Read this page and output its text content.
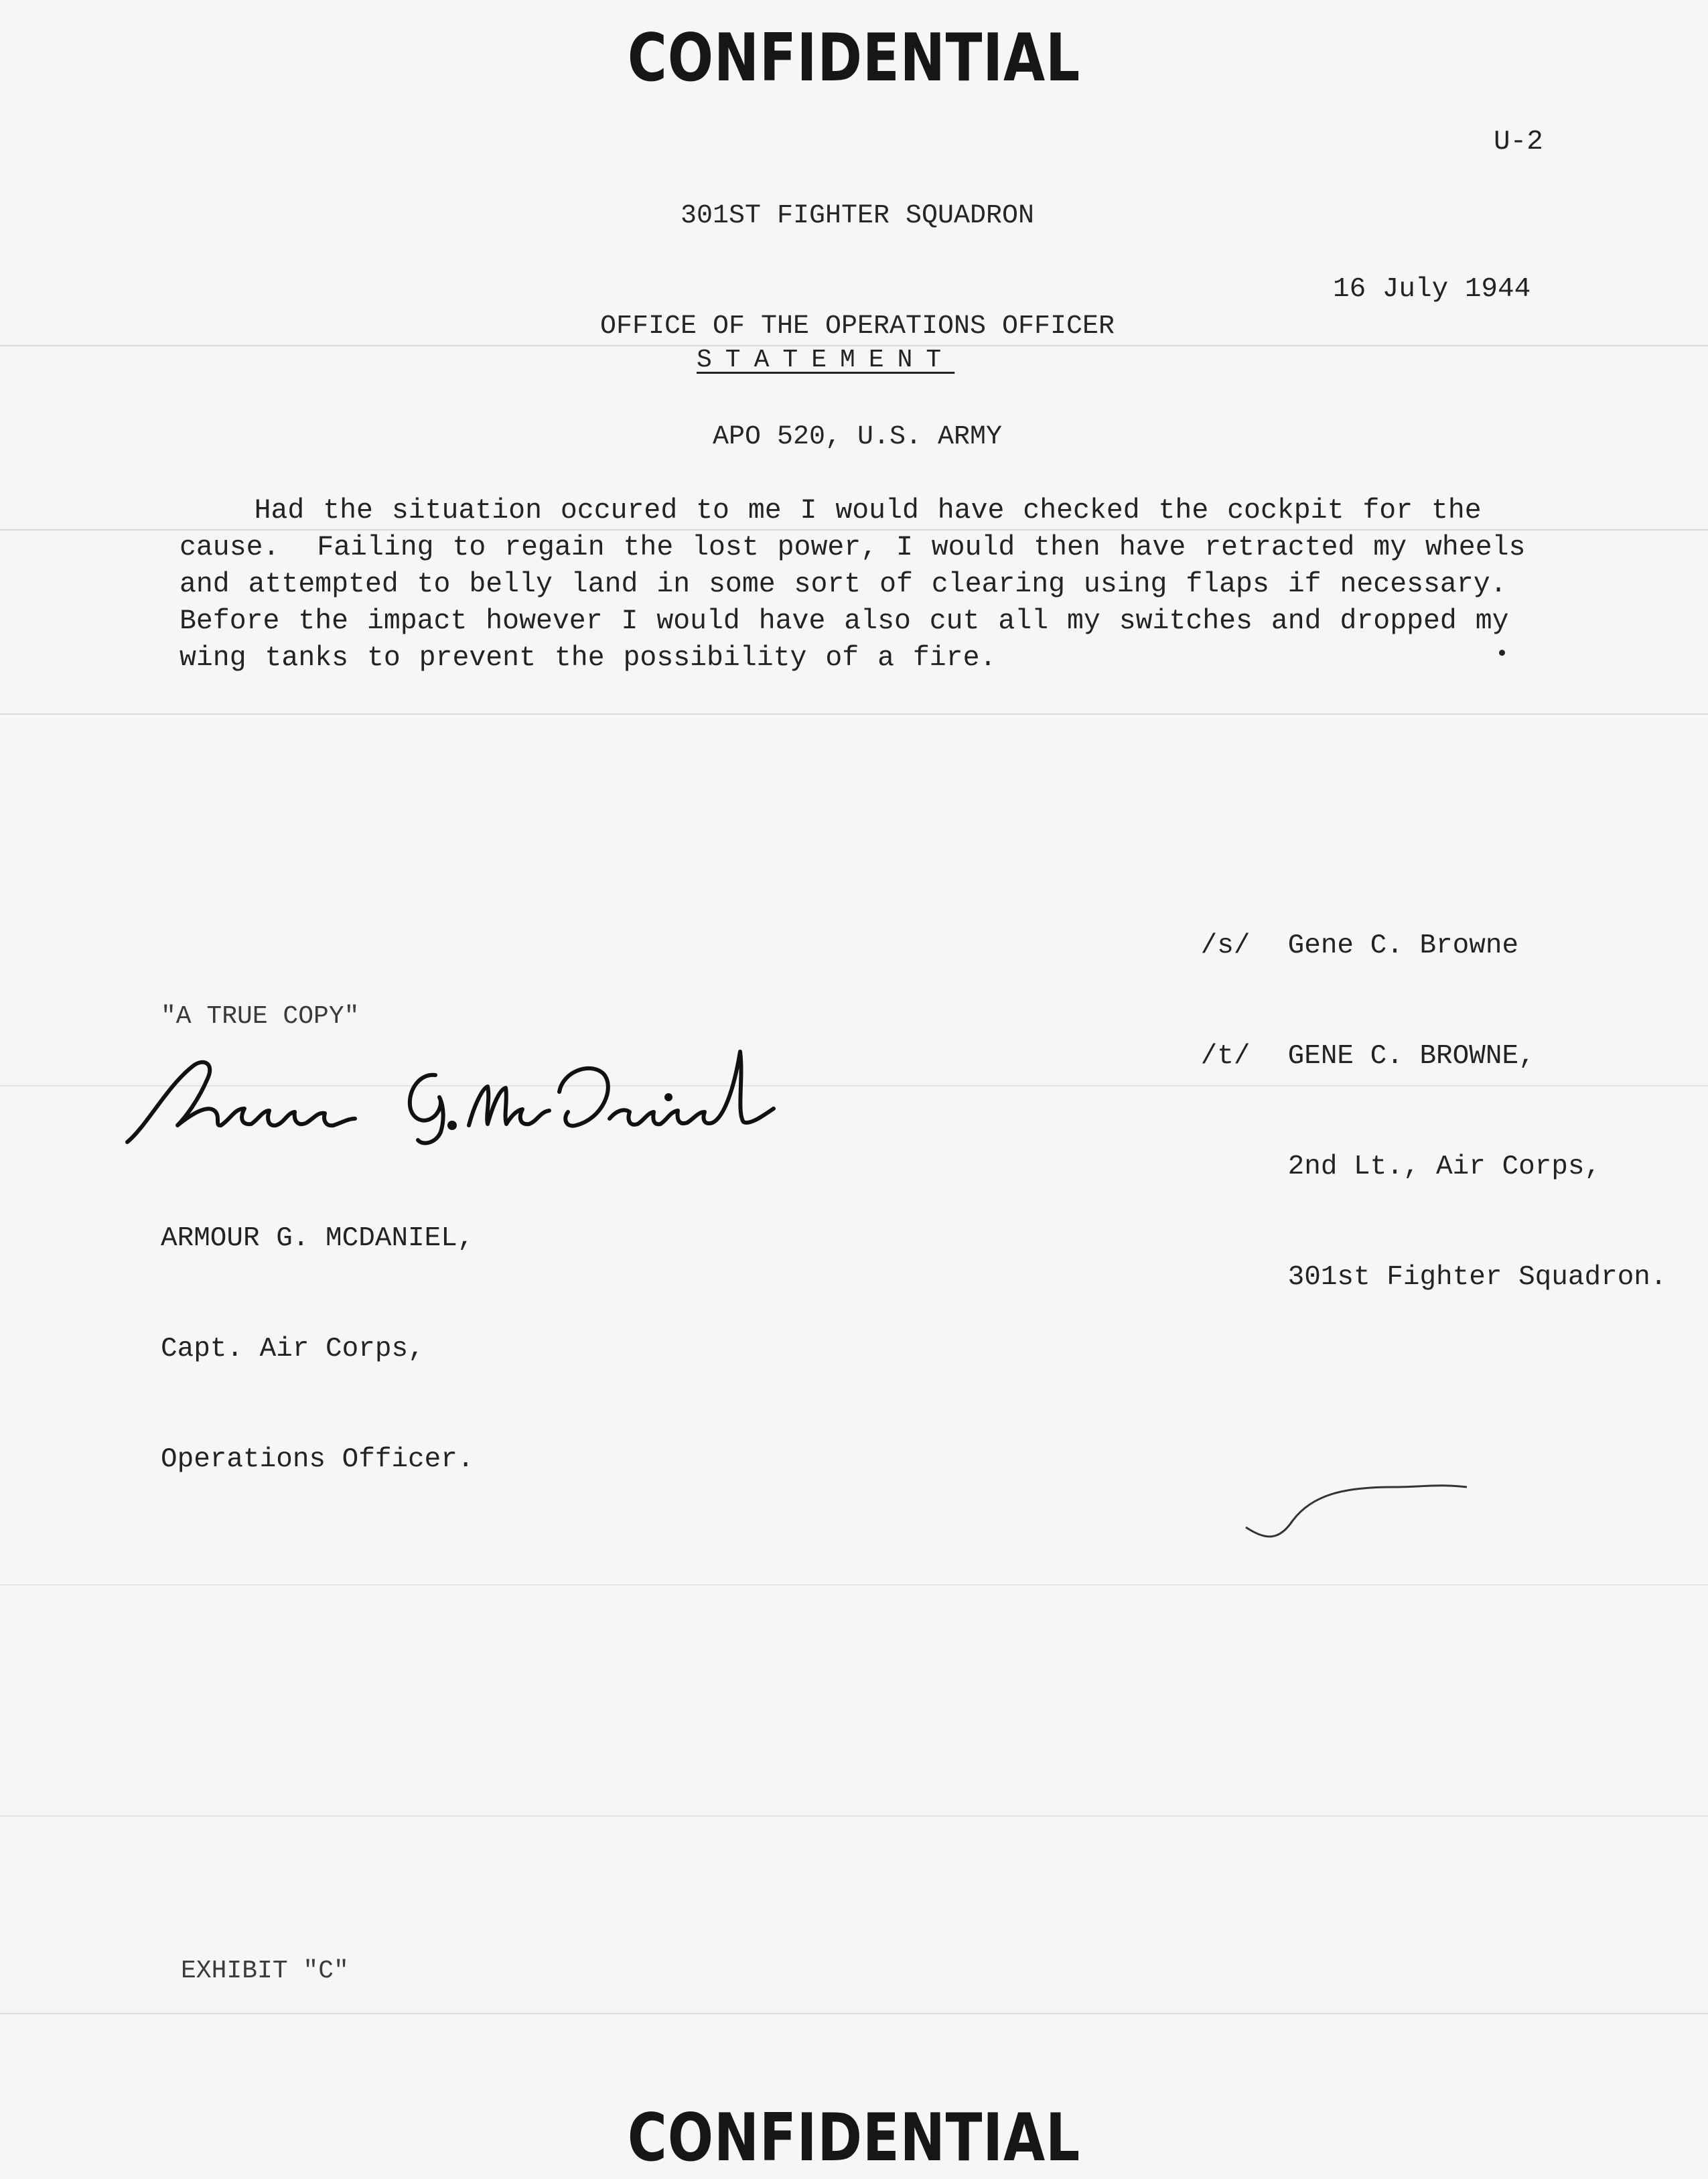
CONFIDENTIAL

301ST FIGHTER SQUADRON

OFFICE OF THE OPERATIONS OFFICER

APO 520, U.S. ARMY

U-2
16 July 1944
STATEMENT

Had the situation occured to me I would have checked the cockpit for the

cause.  Failing to regain the lost power, I would then have retracted my wheels

and attempted to belly land in some sort of clearing using flaps if necessary.

Before the impact however I would have also cut all my switches and dropped my

wing tanks to prevent the possibility of a fire.

/s/ Gene C. Browne

/t/ GENE C. BROWNE,

2nd Lt., Air Corps,

301st Fighter Squadron.

"A TRUE COPY"

ARMOUR G. MCDANIEL,

Capt. Air Corps,

Operations Officer.

EXHIBIT "C"
CONFIDENTIAL
